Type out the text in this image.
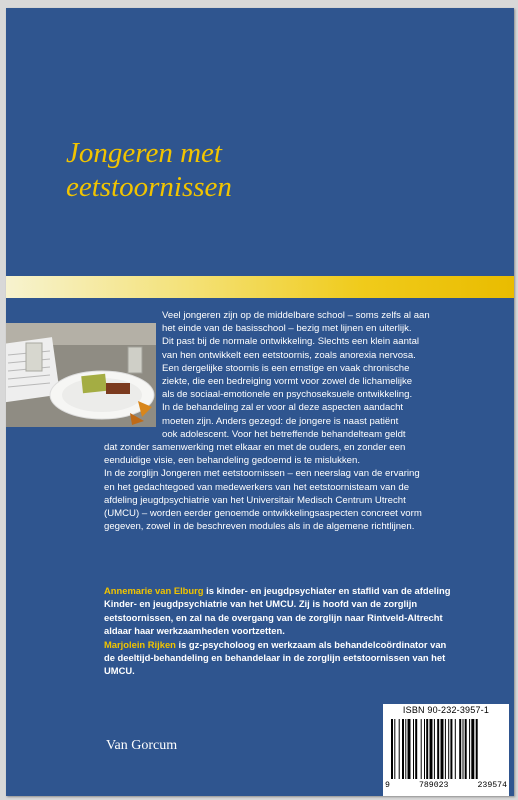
Jongeren met
eetstoornissen

Veel jongeren zijn op de middelbare school – soms zelfs al aan

het einde van de basisschool – bezig met lijnen en uiterlijk.

Dit past bij de normale ontwikkeling. Slechts een klein aantal

van hen ontwikkelt een eetstoornis, zoals anorexia nervosa.

Een dergelijke stoornis is een ernstige en vaak chronische

ziekte, die een bedreiging vormt voor zowel de lichamelijke

als de sociaal-emotionele en psychoseksuele ontwikkeling.

In de behandeling zal er voor al deze aspecten aandacht

moeten zijn. Anders gezegd: de jongere is naast patiënt

ook adolescent. Voor het betreffende behandelteam geldt

dat zonder samenwerking met elkaar en met de ouders, en zonder een

eenduidige visie, een behandeling gedoemd is te mislukken.

In de zorglijn Jongeren met eetstoornissen – een neerslag van de ervaring

en het gedachtegoed van medewerkers van het eetstoornisteam van de

afdeling jeugdpsychiatrie van het Universitair Medisch Centrum Utrecht

(UMCU) – worden eerder genoemde ontwikkelingsaspecten concreet vorm

gegeven, zowel in de beschreven modules als in de algemene richtlijnen.

Annemarie van Elburg is kinder- en jeugdpsychiater en staflid van de afdeling

Kinder- en jeugdpsychiatrie van het UMCU. Zij is hoofd van de zorglijn

eetstoornissen, en zal na de overgang van de zorglijn naar Rintveld-Altrecht

aldaar haar werkzaamheden voortzetten.

Marjolein Rijken is gz-psycholoog en werkzaam als behandelcoördinator van

de deeltijd-behandeling en behandelaar in de zorglijn eetstoornissen van het

UMCU.

Van Gorcum
ISBN 90-232-3957-1
9	789023	239574
